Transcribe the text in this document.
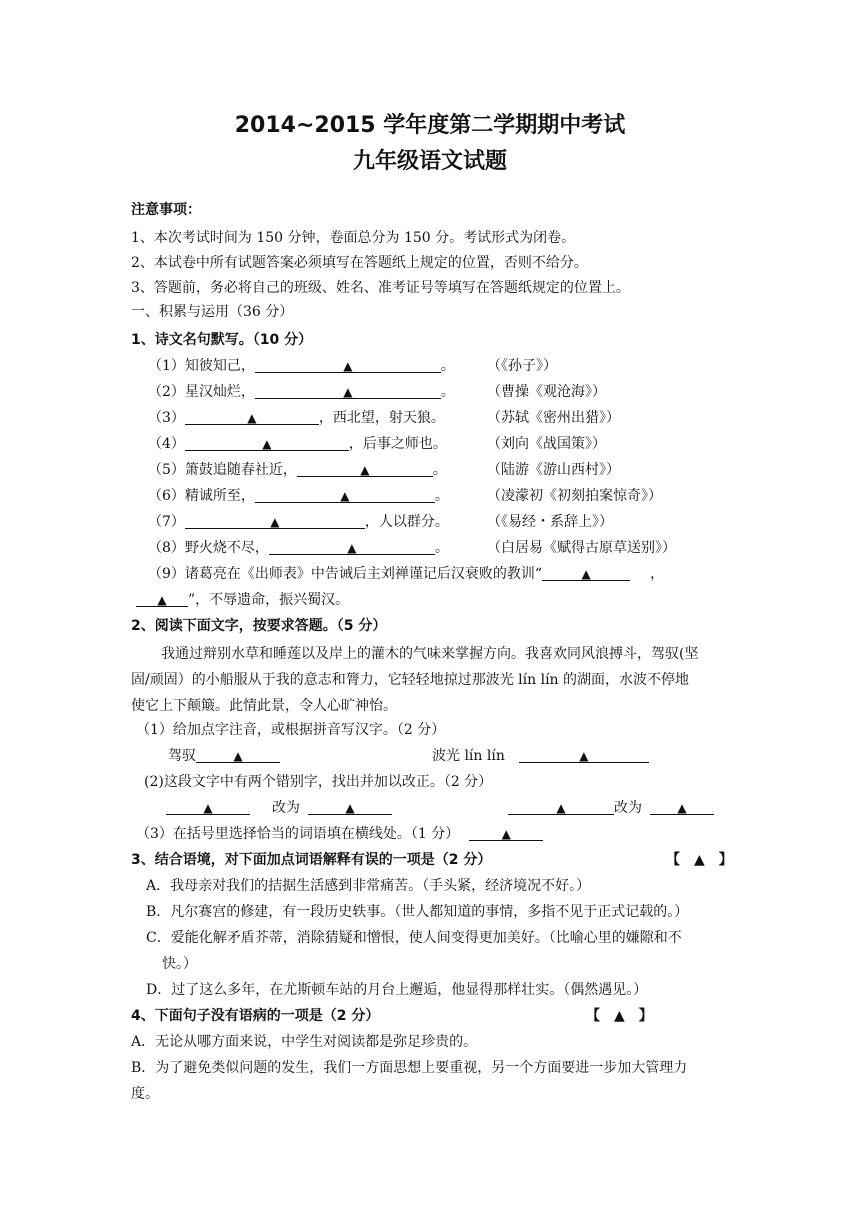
2014~2015 学年度第二学期期中考试
九年级语文试题
注意事项：
1、本次考试时间为 150 分钟，卷面总分为 150 分。考试形式为闭卷。
2、本试卷中所有试题答案必须填写在答题纸上规定的位置，否则不给分。
3、答题前，务必将自己的班级、姓名、准考证号等填写在答题纸规定的位置上。
一、积累与运用（36 分）
1、诗文名句默写。（10 分）
（1）知彼知己，	▲	。 （《孙子》）
（2）星汉灿烂，	▲	。 （曹操《观沧海》）
（3）	▲	，西北望，射天狼。	（苏轼《密州出猎》）
（4）	▲	，后事之师也。	（刘向《战国策》）
（5）箫鼓追随春社近，	▲	。	（陆游《游山西村》）
（6）精诚所至，	▲	。	（凌濛初《初刻拍案惊奇》）
（7）	▲	，人以群分。	（《易经・系辞上》）
（8）野火烧不尽，	▲	。	（白居易《赋得古原草送别》）
（9）诸葛亮在《出师表》中告诫后主刘禅谨记后汉衰败的教训“	▲	，
▲ ”，不辱遗命，振兴蜀汉。
2、阅读下面文字，按要求答题。（5 分）
我通过辩别水草和睡莲以及岸上的灌木的气味来掌握方向。我喜欢同风浪搏斗，驾驭(坚
固/顽固）的小船服从于我的意志和膂力，它轻轻地掠过那波光 lín lín 的湖面，水波不停地
使它上下颠簸。此情此景，令人心旷神怡。
（1）给加点字注音，或根据拼音写汉字。（2 分）
驾驭	▲	波光 lín lín	▲
(2)这段文字中有两个错别字，找出并加以改正。（2 分）
▲	改为	▲	▲	改为	▲
（3）在括号里选择恰当的词语填在横线处。（1 分）	▲
3、结合语境，对下面加点词语解释有误的一项是（2 分）	【　▲　】
A．我母亲对我们的拮据生活感到非常痛苦。（手头紧，经济境况不好。）
B．凡尔赛宫的修建，有一段历史轶事。（世人都知道的事情，多指不见于正式记载的。）
C．爱能化解矛盾芥蒂，消除猜疑和憎恨，使人间变得更加美好。（比喻心里的嫌隙和不
快。）
D．过了这么多年，在尤斯顿车站的月台上邂逅，他显得那样壮实。（偶然遇见。）
4、下面句子没有语病的一项是（2 分）	【　▲　】
A．无论从哪方面来说，中学生对阅读都是弥足珍贵的。
B．为了避免类似问题的发生，我们一方面思想上要重视，另一个方面要进一步加大管理力
度。
